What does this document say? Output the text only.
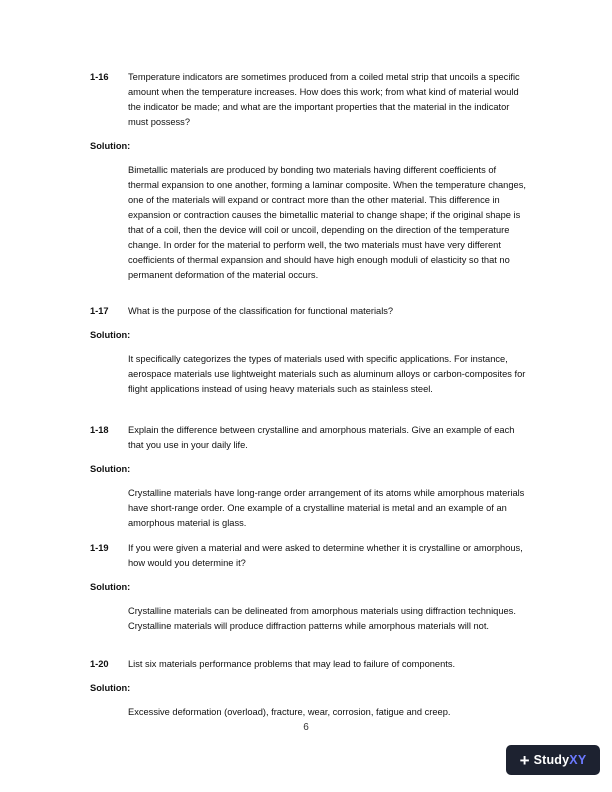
1-16	Temperature indicators are sometimes produced from a coiled metal strip that uncoils a specific amount when the temperature increases. How does this work; from what kind of material would the indicator be made; and what are the important properties that the material in the indicator must possess?
Solution:
Bimetallic materials are produced by bonding two materials having different coefficients of thermal expansion to one another, forming a laminar composite. When the temperature changes, one of the materials will expand or contract more than the other material. This difference in expansion or contraction causes the bimetallic material to change shape; if the original shape is that of a coil, then the device will coil or uncoil, depending on the direction of the temperature change. In order for the material to perform well, the two materials must have very different coefficients of thermal expansion and should have high enough moduli of elasticity so that no permanent deformation of the material occurs.
1-17	What is the purpose of the classification for functional materials?
Solution:
It specifically categorizes the types of materials used with specific applications. For instance, aerospace materials use lightweight materials such as aluminum alloys or carbon-composites for flight applications instead of using heavy materials such as stainless steel.
1-18	Explain the difference between crystalline and amorphous materials. Give an example of each that you use in your daily life.
Solution:
Crystalline materials have long-range order arrangement of its atoms while amorphous materials have short-range order. One example of a crystalline material is metal and an example of an amorphous material is glass.
1-19	If you were given a material and were asked to determine whether it is crystalline or amorphous, how would you determine it?
Solution:
Crystalline materials can be delineated from amorphous materials using diffraction techniques. Crystalline materials will produce diffraction patterns while amorphous materials will not.
1-20	List six materials performance problems that may lead to failure of components.
Solution:
Excessive deformation (overload), fracture, wear, corrosion, fatigue and creep.
6
+ StudyXY
